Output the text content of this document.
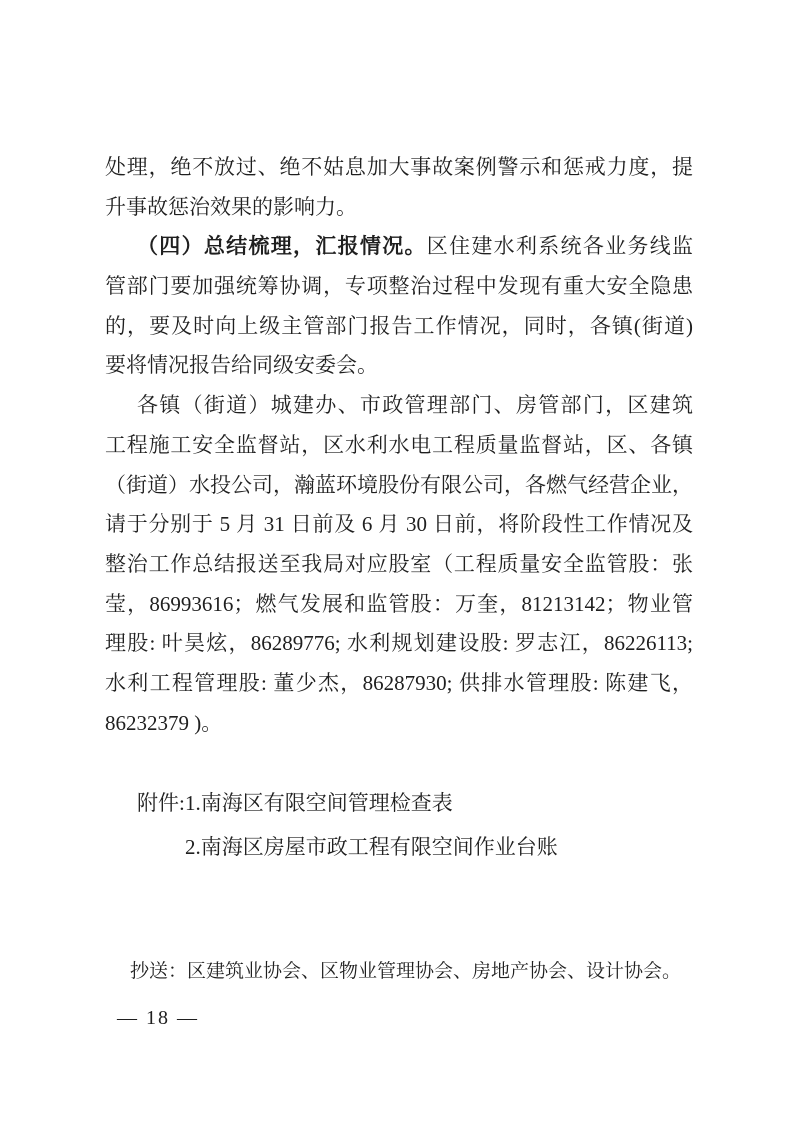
处理，绝不放过、绝不姑息加大事故案例警示和惩戒力度，提
升事故惩治效果的影响力。
（四）总结梳理，汇报情况。区住建水利系统各业务线监
管部门要加强统筹协调，专项整治过程中发现有重大安全隐患
的，要及时向上级主管部门报告工作情况，同时，各镇(街道)
要将情况报告给同级安委会。
各镇（街道）城建办、市政管理部门、房管部门，区建筑
工程施工安全监督站，区水利水电工程质量监督站，区、各镇
（街道）水投公司，瀚蓝环境股份有限公司，各燃气经营企业，
请于分别于 5 月 31 日前及 6 月 30 日前，将阶段性工作情况及
整治工作总结报送至我局对应股室（工程质量安全监管股：张
莹，86993616；燃气发展和监管股：万奎，81213142；物业管
理股: 叶昊炫，86289776; 水利规划建设股: 罗志江，86226113;
水利工程管理股: 董少杰，86287930; 供排水管理股: 陈建飞，
86232379 )。
附件: 1.南海区有限空间管理检查表
2.南海区房屋市政工程有限空间作业台账
抄送：区建筑业协会、区物业管理协会、房地产协会、设计协会。
— 18 —
